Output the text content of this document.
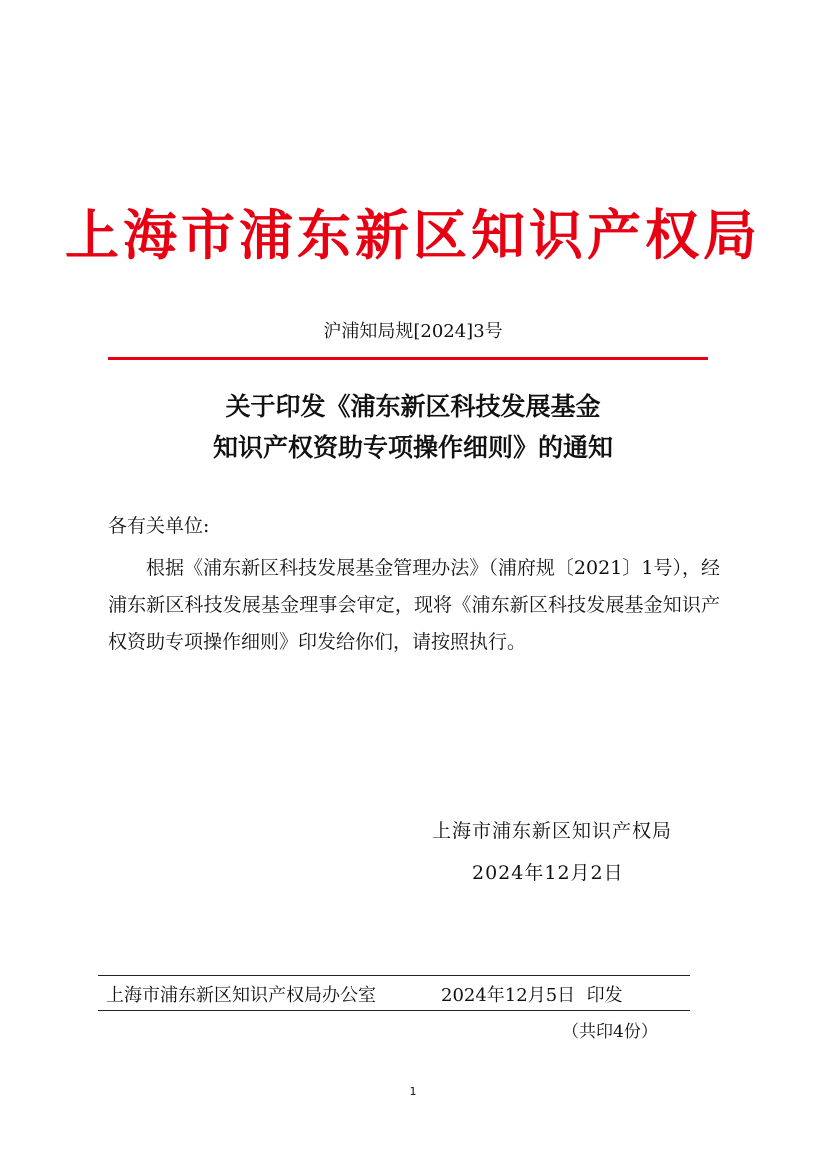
上海市浦东新区知识产权局
沪浦知局规[2024]3号
关于印发《浦东新区科技发展基金
知识产权资助专项操作细则》的通知
各有关单位:
根据《浦东新区科技发展基金管理办法》（浦府规〔2021〕1号），经浦东新区科技发展基金理事会审定，现将《浦东新区科技发展基金知识产权资助专项操作细则》印发给你们，请按照执行。
上海市浦东新区知识产权局
2024年12月2日
上海市浦东新区知识产权局办公室	2024年12月5日  印发
（共印4份）
1
